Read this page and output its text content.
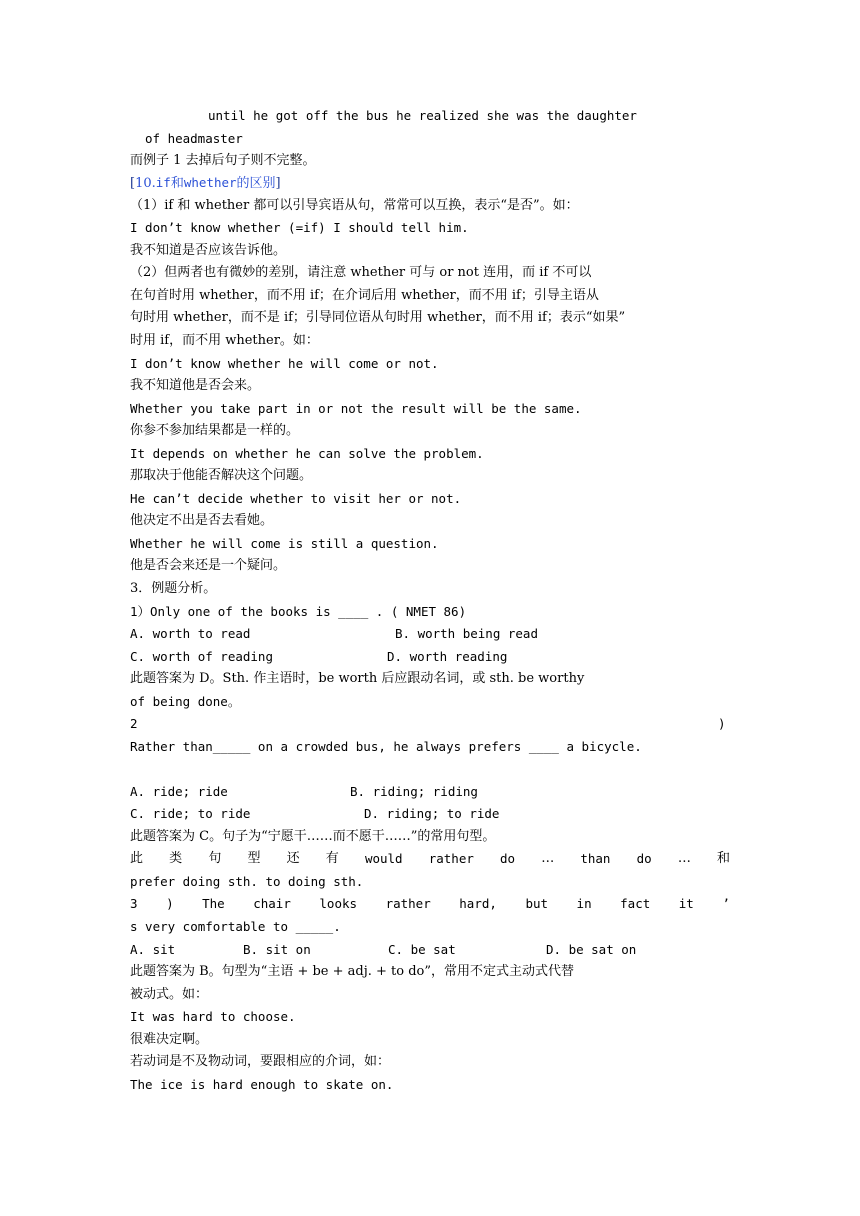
until he got off the bus he realized she was the daughter
of headmaster
而例子 1 去掉后句子则不完整。
[10.if和whether的区别]
（1）if 和 whether 都可以引导宾语从句，常常可以互换，表示“是否”。如：
I don’t know whether (=if) I should tell him.
我不知道是否应该告诉他。
（2）但两者也有微妙的差别，请注意 whether 可与 or not 连用，而 if 不可以
在句首时用 whether，而不用 if；在介词后用 whether，而不用 if；引导主语从
句时用 whether，而不是 if；引导同位语从句时用 whether，而不用 if；表示“如果”
时用 if，而不用 whether。如：
I don’t know whether he will come or not.
我不知道他是否会来。
Whether you take part in or not the result will be the same.
你参不参加结果都是一样的。
It depends on whether he can solve the problem.
那取决于他能否解决这个问题。
He can’t decide whether to visit her or not.
他决定不出是否去看她。
Whether he will come is still a question.
他是否会来还是一个疑问。
3．例题分析。
1）Only one of the books is ____ . ( NMET 86)
A. worth to read	B. worth being read
C. worth of reading	D. worth reading
此题答案为 D。Sth. 作主语时，be worth 后应跟动名词，或 sth. be worthy
of being done。
2	)
Rather than_____ on a crowded bus, he always prefers ____ a bicycle.
A. ride; ride	B. riding; riding
C. ride; to ride	D. riding; to ride
此题答案为 C。句子为“宁愿干……而不愿干……”的常用句型。
此 类 句 型 还 有 would rather do … than do … 和
prefer doing sth. to doing sth.
3 ) The chair looks rather hard, but in fact it ’
s very comfortable to _____.
A. sit	B. sit on	C. be sat	D. be sat on
此题答案为 B。句型为“主语 + be + adj. + to do”，常用不定式主动式代替
被动式。如：
It was hard to choose.
很难决定啊。
若动词是不及物动词，要跟相应的介词，如：
The ice is hard enough to skate on.
